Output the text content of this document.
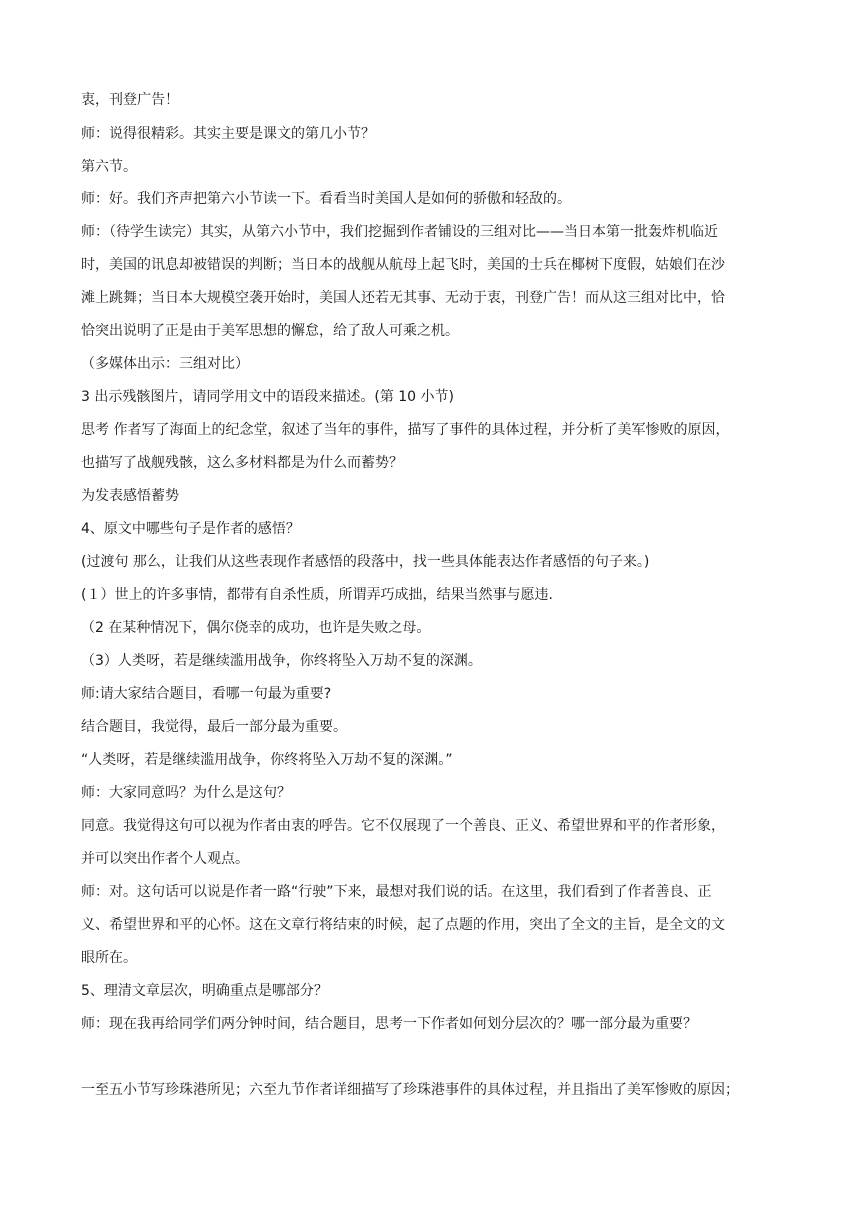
衷，刊登广告！
师：说得很精彩。其实主要是课文的第几小节？
第六节。
师：好。我们齐声把第六小节读一下。看看当时美国人是如何的骄傲和轻敌的。
师：（待学生读完）其实，从第六小节中，我们挖掘到作者铺设的三组对比——当日本第一批轰炸机临近
时，美国的讯息却被错误的判断；当日本的战舰从航母上起飞时，美国的士兵在椰树下度假，姑娘们在沙
滩上跳舞；当日本大规模空袭开始时，美国人还若无其事、无动于衷，刊登广告！而从这三组对比中，恰
恰突出说明了正是由于美军思想的懈怠，给了敌人可乘之机。
（多媒体出示：三组对比）
3 出示残骸图片，请同学用文中的语段来描述。(第 10 小节)
思考 作者写了海面上的纪念堂，叙述了当年的事件，描写了事件的具体过程，并分析了美军惨败的原因，
也描写了战舰残骸，这么多材料都是为什么而蓄势？
为发表感悟蓄势
4、原文中哪些句子是作者的感悟？
(过渡句 那么，让我们从这些表现作者感悟的段落中，找一些具体能表达作者感悟的句子来。)
(１）世上的许多事情，都带有自杀性质，所谓弄巧成拙，结果当然事与愿违.
（2 在某种情况下，偶尔侥幸的成功，也许是失败之母。
（3）人类呀，若是继续滥用战争，你终将坠入万劫不复的深渊。
师:请大家结合题目，看哪一句最为重要?
结合题目，我觉得，最后一部分最为重要。
“人类呀，若是继续滥用战争，你终将坠入万劫不复的深渊。”
师：大家同意吗？为什么是这句？
同意。我觉得这句可以视为作者由衷的呼告。它不仅展现了一个善良、正义、希望世界和平的作者形象，
并可以突出作者个人观点。
师：对。这句话可以说是作者一路“行驶”下来，最想对我们说的话。在这里，我们看到了作者善良、正
义、希望世界和平的心怀。这在文章行将结束的时候，起了点题的作用，突出了全文的主旨，是全文的文
眼所在。
5、理清文章层次，明确重点是哪部分？
师：现在我再给同学们两分钟时间，结合题目，思考一下作者如何划分层次的？哪一部分最为重要？
一至五小节写珍珠港所见；六至九节作者详细描写了珍珠港事件的具体过程，并且指出了美军惨败的原因；
